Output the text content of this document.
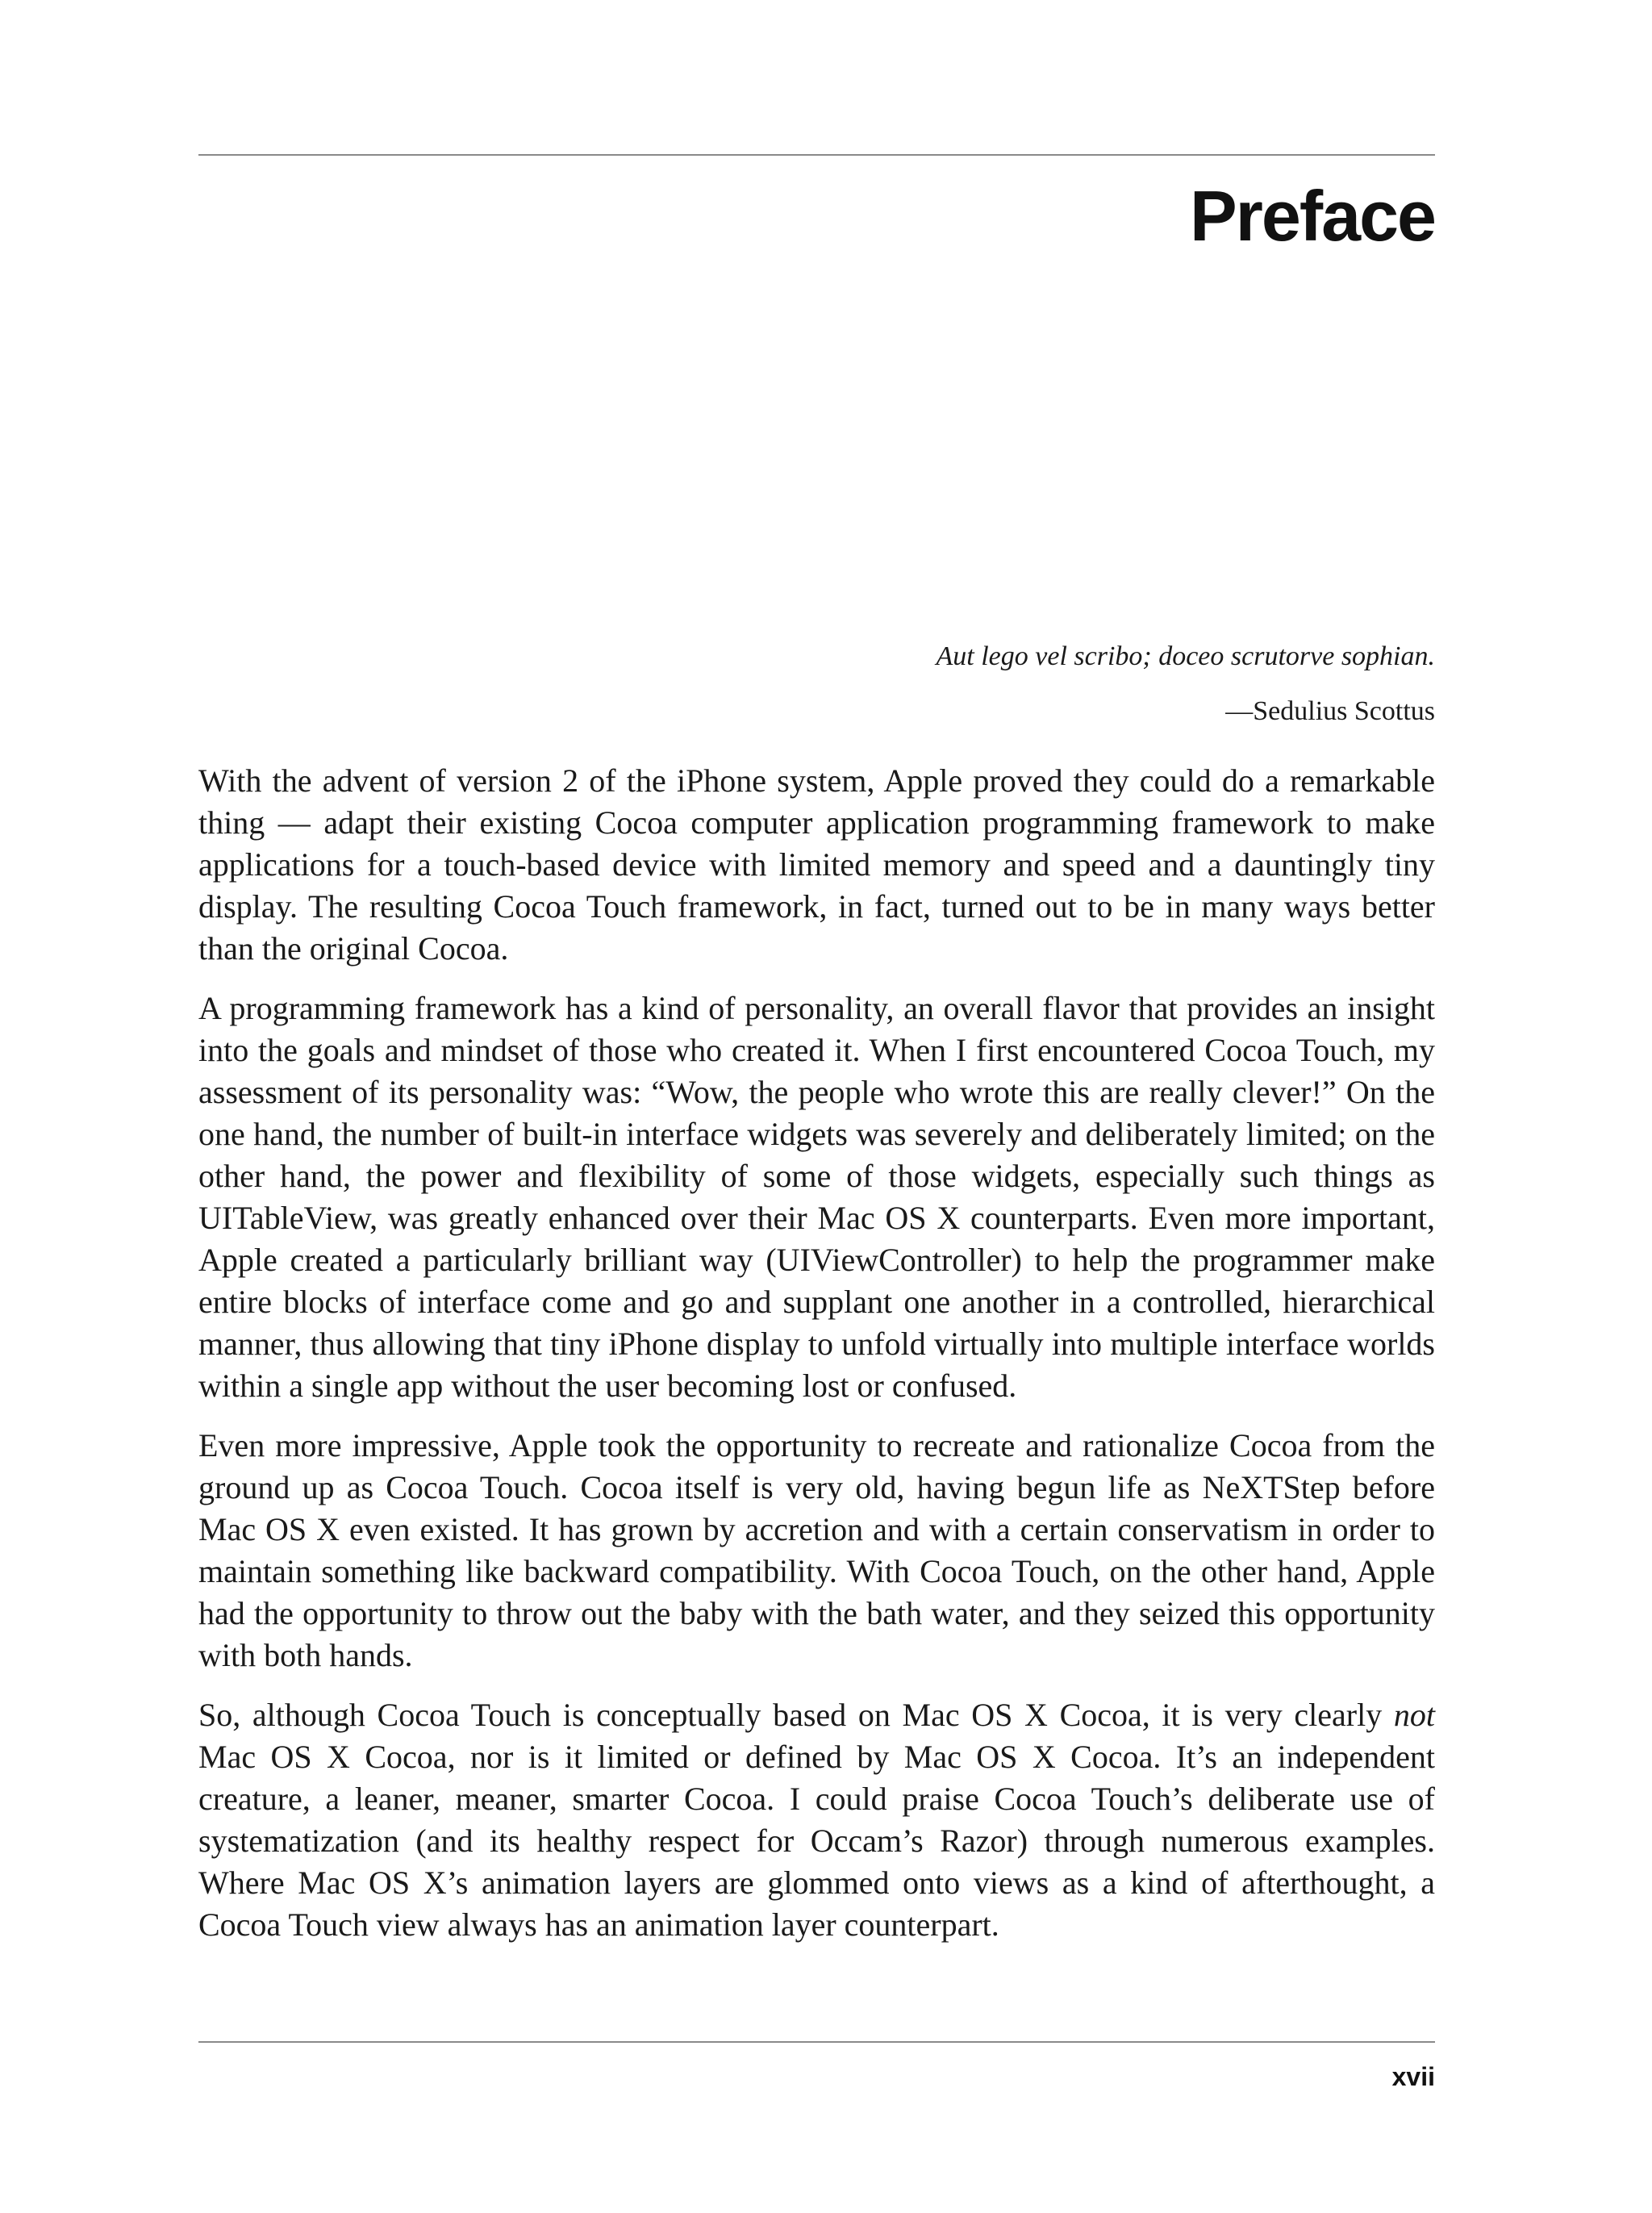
Preface
Aut lego vel scribo; doceo scrutorve sophian.
—Sedulius Scottus

With the advent of version 2 of the iPhone system, Apple proved they could do a remarkable thing — adapt their existing Cocoa computer application programming framework to make applications for a touch-based device with limited memory and speed and a dauntingly tiny display. The resulting Cocoa Touch framework, in fact, turned out to be in many ways better than the original Cocoa.

A programming framework has a kind of personality, an overall flavor that provides an insight into the goals and mindset of those who created it. When I first encountered Cocoa Touch, my assessment of its personality was: “Wow, the people who wrote this are really clever!” On the one hand, the number of built-in interface widgets was severely and deliberately limited; on the other hand, the power and flexibility of some of those widgets, especially such things as UITableView, was greatly enhanced over their Mac OS X counterparts. Even more important, Apple created a particularly brilliant way (UIViewController) to help the programmer make entire blocks of interface come and go and supplant one another in a controlled, hierarchical manner, thus allowing that tiny iPhone display to unfold virtually into multiple interface worlds within a single app without the user becoming lost or confused.

Even more impressive, Apple took the opportunity to recreate and rationalize Cocoa from the ground up as Cocoa Touch. Cocoa itself is very old, having begun life as NeXTStep before Mac OS X even existed. It has grown by accretion and with a certain conservatism in order to maintain something like backward compatibility. With Cocoa Touch, on the other hand, Apple had the opportunity to throw out the baby with the bath water, and they seized this opportunity with both hands.

So, although Cocoa Touch is conceptually based on Mac OS X Cocoa, it is very clearly not Mac OS X Cocoa, nor is it limited or defined by Mac OS X Cocoa. It’s an independent creature, a leaner, meaner, smarter Cocoa. I could praise Cocoa Touch’s deliberate use of systematization (and its healthy respect for Occam’s Razor) through numerous examples. Where Mac OS X’s animation layers are glommed onto views as a kind of afterthought, a Cocoa Touch view always has an animation layer counterpart.

xvii
